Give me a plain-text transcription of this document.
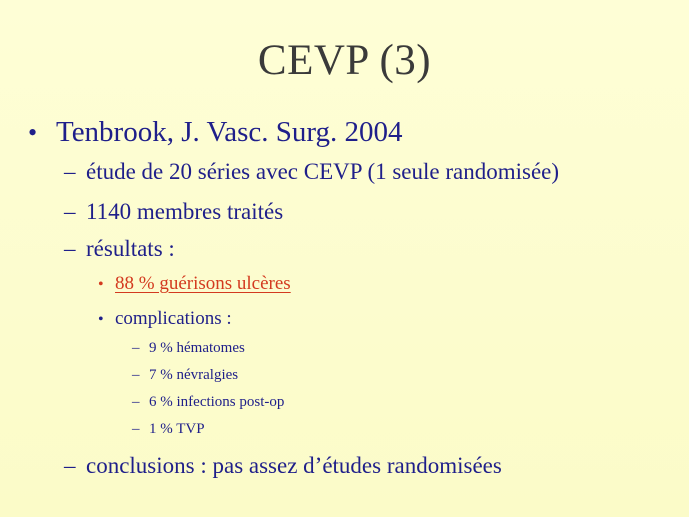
CEVP (3)
• Tenbrook, J. Vasc. Surg. 2004
– étude de 20 séries avec CEVP (1 seule randomisée)
– 1140 membres traités
– résultats :
• 88 % guérisons ulcères
• complications :
– 9 % hématomes
– 7 % névralgies
– 6 % infections post-op
– 1 % TVP
– conclusions : pas assez d’études randomisées
